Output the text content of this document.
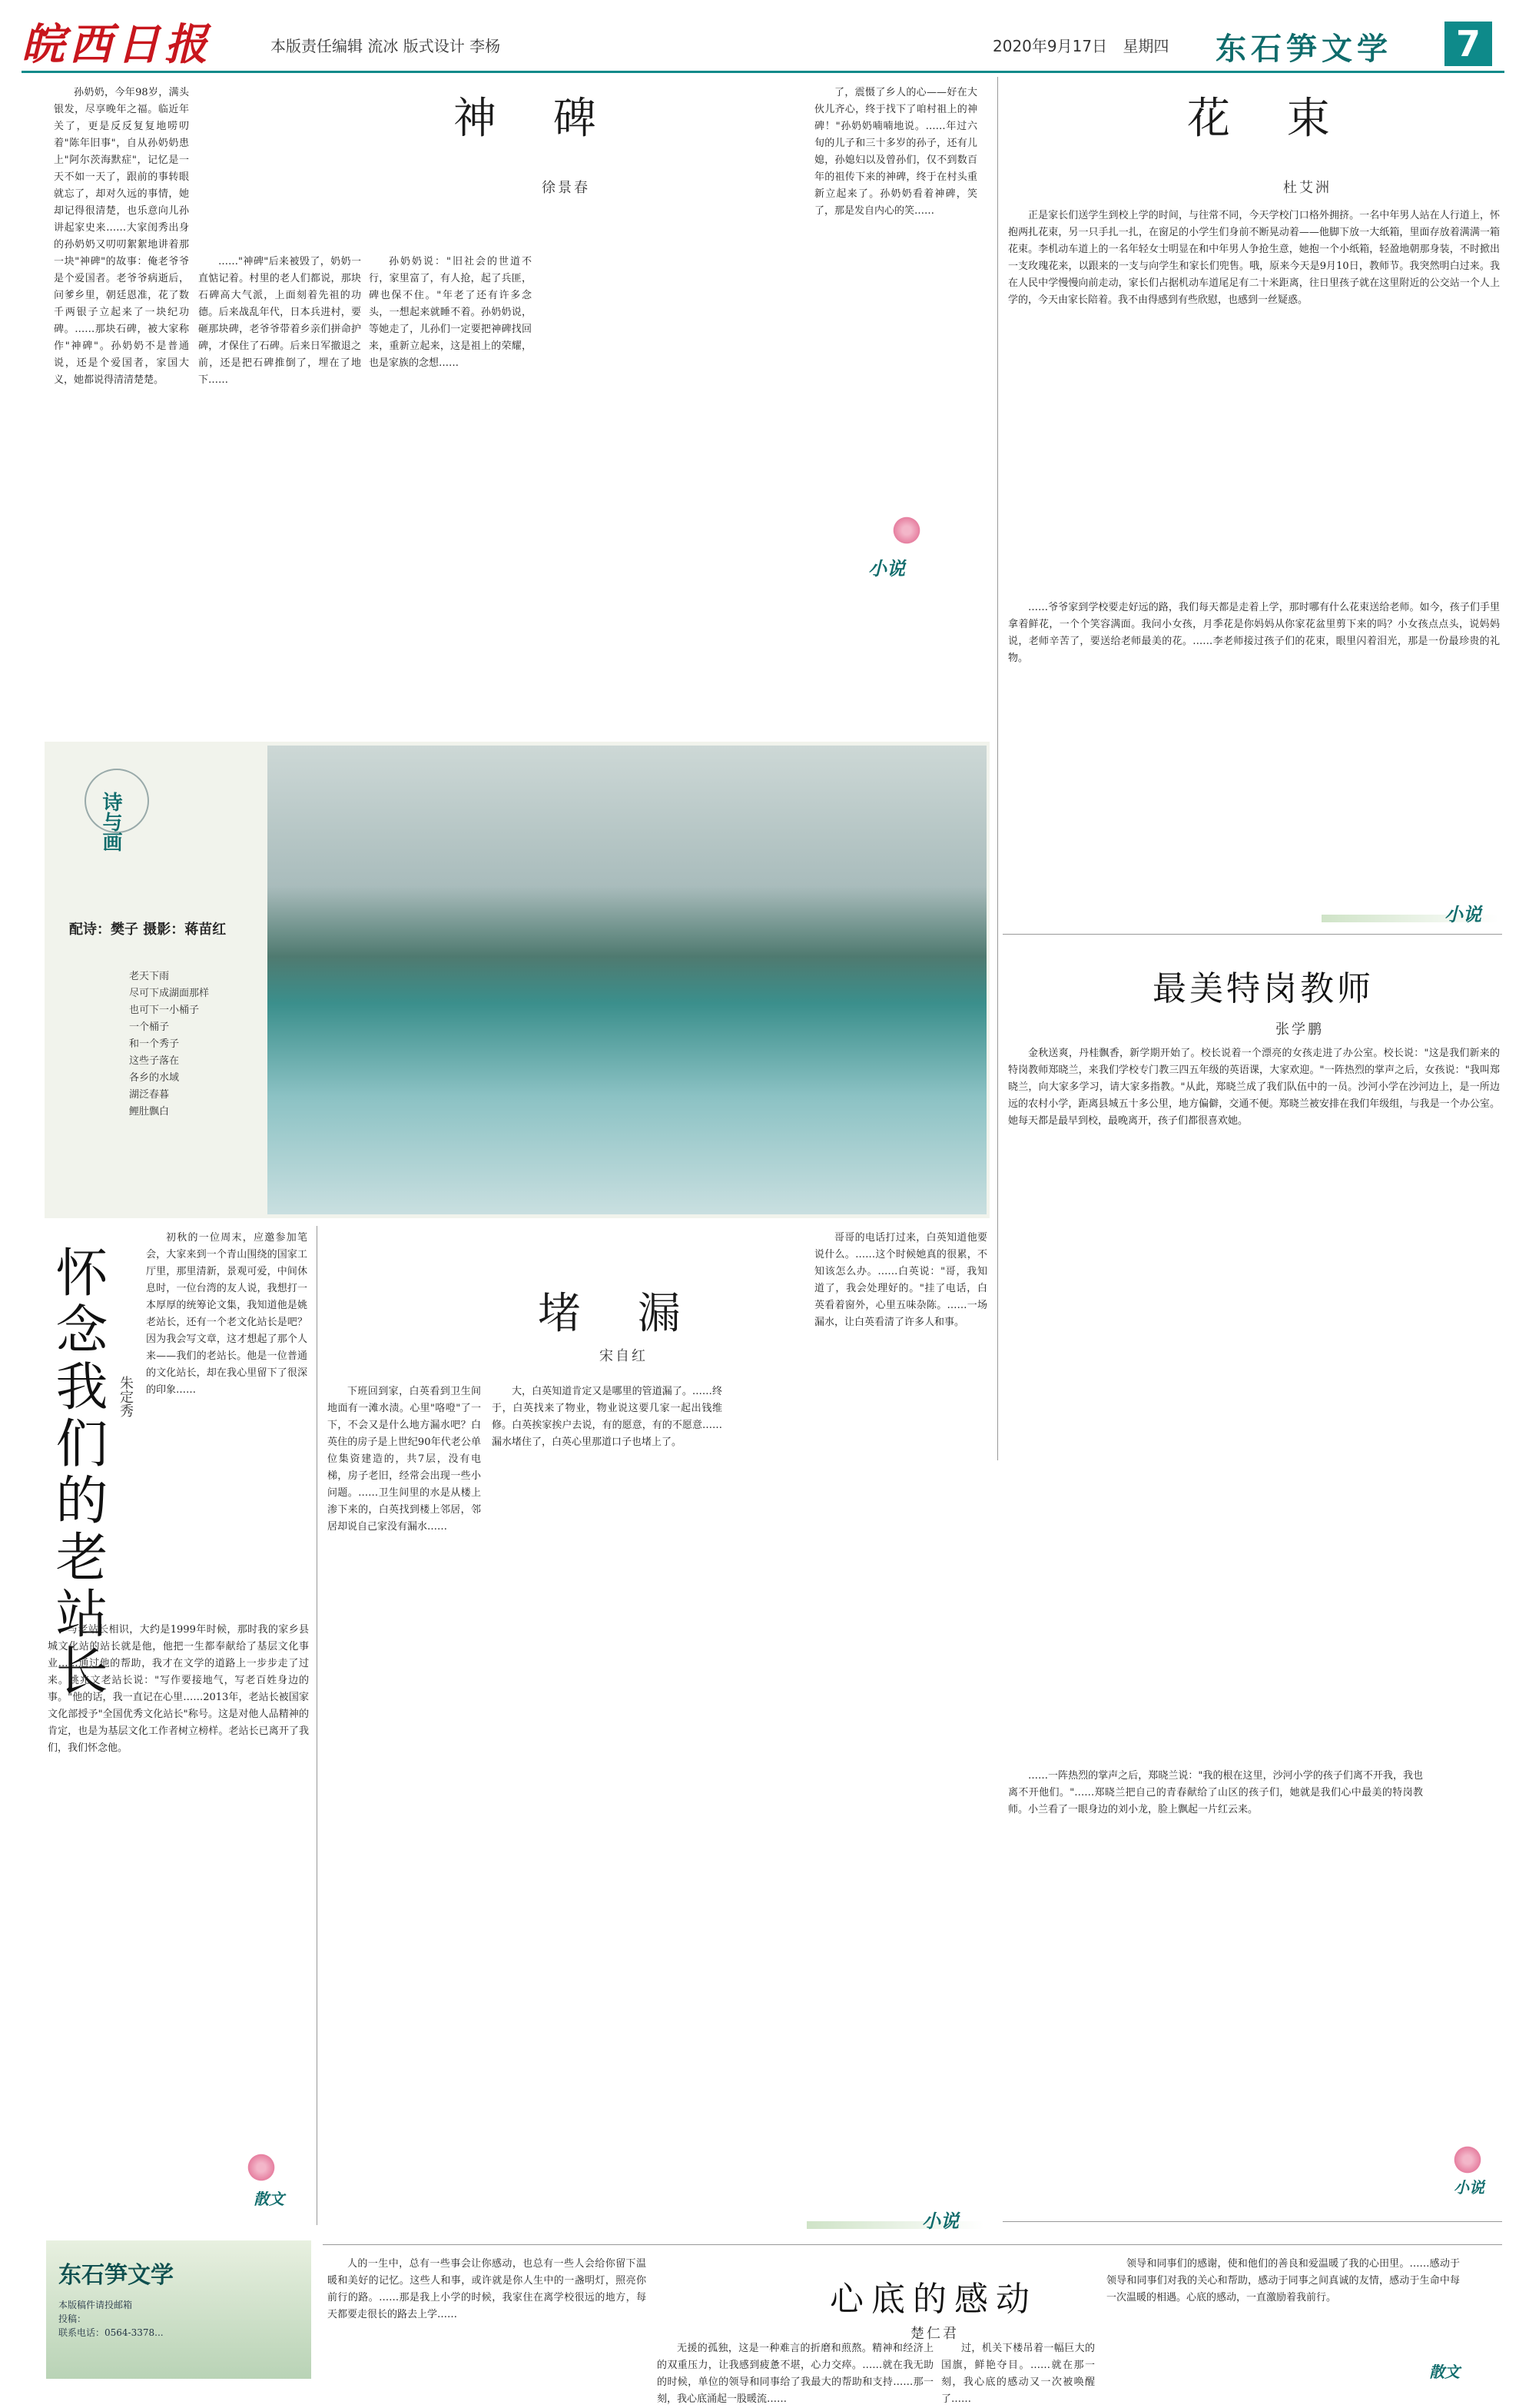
皖西日报	本版责任编辑 流冰 版式设计 李杨	2020年9月17日 星期四	东石笋文学	7

孙奶奶，今年98岁，满头银发，尽享晚年之福。临近年关了，更是反反复复地唠叨着"陈年旧事"，自从孙奶奶患上"阿尔茨海默症"，记忆是一天不如一天了，跟前的事转眼就忘了，却对久远的事情，她却记得很清楚，也乐意向儿孙讲起家史来……大家闺秀出身的孙奶奶又叨叨絮絮地讲着那一块"神碑"的故事：俺老爷爷是个爱国者。老爷爷病逝后，问爹乡里，朝廷恩准，花了数千两银子立起来了一块纪功碑。……那块石碑，被大家称作"神碑"。孙奶奶不是普通说，还是个爱国者，家国大义，她都说得清清楚楚。

神 碑
徐景春

……"神碑"后来被毁了，奶奶一直惦记着。村里的老人们都说，那块石碑高大气派，上面刻着先祖的功德。后来战乱年代，日本兵进村，要砸那块碑，老爷爷带着乡亲们拼命护碑，才保住了石碑。后来日军撤退之前，还是把石碑推倒了，埋在了地下……

孙奶奶说："旧社会的世道不行，家里富了，有人抢，起了兵匪，碑也保不住。"年老了还有许多念头，一想起来就睡不着。孙奶奶说，等她走了，儿孙们一定要把神碑找回来，重新立起来，这是祖上的荣耀，也是家族的念想……

了，震慑了乡人的心——好在大伙儿齐心，终于找下了咱村祖上的神碑！"孙奶奶喃喃地说。……年过六旬的儿子和三十多岁的孙子，还有儿媳，孙媳妇以及曾孙们，仅不到数百年的祖传下来的神碑，终于在村头重新立起来了。孙奶奶看着神碑，笑了，那是发自内心的笑……

小说
花 束
杜艾洲

正是家长们送学生到校上学的时间，与往常不同，今天学校门口格外拥挤。一名中年男人站在人行道上，怀抱两扎花束，另一只手扎一扎，在窗足的小学生们身前不断晃动着——他脚下放一大纸箱，里面存放着满满一箱花束。李机动车道上的一名年轻女士明显在和中年男人争抢生意，她抱一个小纸箱，轻盈地朝那身装，不时掀出一支玫瑰花来，以跟来的一支与向学生和家长们兜售。哦，原来今天是9月10日，教师节。我突然明白过来。我在人民中学慢慢向前走动，家长们占据机动车道尾足有二十米距离，往日里孩子就在这里附近的公交站一个人上学的，今天由家长陪着。我不由得感到有些欣慰，也感到一丝疑惑。

……爷爷家到学校要走好远的路，我们每天都是走着上学，那时哪有什么花束送给老师。如今，孩子们手里拿着鲜花，一个个笑容满面。我问小女孩，月季花是你妈妈从你家花盆里剪下来的吗？小女孩点点头，说妈妈说，老师辛苦了，要送给老师最美的花。……李老师接过孩子们的花束，眼里闪着泪光，那是一份最珍贵的礼物。

小说
最美特岗教师
张学鹏

金秋送爽，丹桂飘香，新学期开始了。校长说着一个漂亮的女孩走进了办公室。校长说："这是我们新来的特岗教师郑晓兰，来我们学校专门教三四五年级的英语课，大家欢迎。"一阵热烈的掌声之后，女孩说："我叫郑晓兰，向大家多学习，请大家多指教。"从此，郑晓兰成了我们队伍中的一员。沙河小学在沙河边上，是一所边远的农村小学，距离县城五十多公里，地方偏僻，交通不便。郑晓兰被安排在我们年级组，与我是一个办公室。她每天都是最早到校，最晚离开，孩子们都很喜欢她。

……一阵热烈的掌声之后，郑晓兰说："我的根在这里，沙河小学的孩子们离不开我，我也离不开他们。"……郑晓兰把自己的青春献给了山区的孩子们，她就是我们心中最美的特岗教师。小兰看了一眼身边的刘小龙，脸上飘起一片红云来。

小说
诗与画
配诗：樊子 摄影：蒋苗红
老天下雨
尽可下成湖面那样
也可下一小桶子
一个桶子
和一个秀子
这些子落在
各乡的水域
湖泛春暮
鲤肚飘白
怀念我们的老站长 朱定秀

初秋的一位周末，应邀参加笔会，大家来到一个青山围绕的国家工厅里，那里清新，景观可爱，中间休息时，一位台湾的友人说，我想打一本厚厚的统筹论文集，我知道他是姚老站长，还有一个老文化站长是吧？因为我会写文章，这才想起了那个人来——我们的老站长。他是一位普通的文化站长，却在我心里留下了很深的印象……

与老站长相识，大约是1999年时候，那时我的家乡县城文化站的站长就是他，他把一生都奉献给了基层文化事业……通过他的帮助，我才在文学的道路上一步步走了过来。姚兆文老站长说："写作要接地气，写老百姓身边的事。"他的话，我一直记在心里……2013年，老站长被国家文化部授予"全国优秀文化站长"称号。这是对他人品精神的肯定，也是为基层文化工作者树立榜样。老站长已离开了我们，我们怀念他。

散文
堵 漏
宋自红

下班回到家，白英看到卫生间地面有一滩水渍。心里"咯噔"了一下，不会又是什么地方漏水吧？白英住的房子是上世纪90年代老公单位集资建造的，共7层，没有电梯，房子老旧，经常会出现一些小问题。……卫生间里的水是从楼上渗下来的，白英找到楼上邻居，邻居却说自己家没有漏水……

大，白英知道肯定又是哪里的管道漏了。……终于，白英找来了物业，物业说这要几家一起出钱维修。白英挨家挨户去说，有的愿意，有的不愿意……漏水堵住了，白英心里那道口子也堵上了。

哥哥的电话打过来，白英知道他要说什么。……这个时候她真的很累，不知该怎么办。……白英说："哥，我知道了，我会处理好的。"挂了电话，白英看着窗外，心里五味杂陈。……一场漏水，让白英看清了许多人和事。

小说

人的一生中，总有一些事会让你感动，也总有一些人会给你留下温暖和美好的记忆。这些人和事，或许就是你人生中的一盏明灯，照亮你前行的路。……那是我上小学的时候，我家住在离学校很远的地方，每天都要走很长的路去上学……	心底的感动
楚仁君

无援的孤独，这是一种难言的折磨和煎熬。精神和经济上的双重压力，让我感到疲惫不堪，心力交瘁。……就在我无助的时候，单位的领导和同事给了我最大的帮助和支持……那一刻，我心底涌起一股暖流……

过，机关下楼吊着一幅巨大的国旗，鲜艳夺目。……就在那一刻，我心底的感动又一次被唤醒了……

领导和同事们的感谢，使和他们的善良和爱温暖了我的心田里。……感动于领导和同事们对我的关心和帮助，感动于同事之间真诚的友情，感动于生命中每一次温暖的相遇。心底的感动，一直激励着我前行。

散文
东石笋文学
本版稿件请投邮箱
投稿：
联系电话：0564-3378...
